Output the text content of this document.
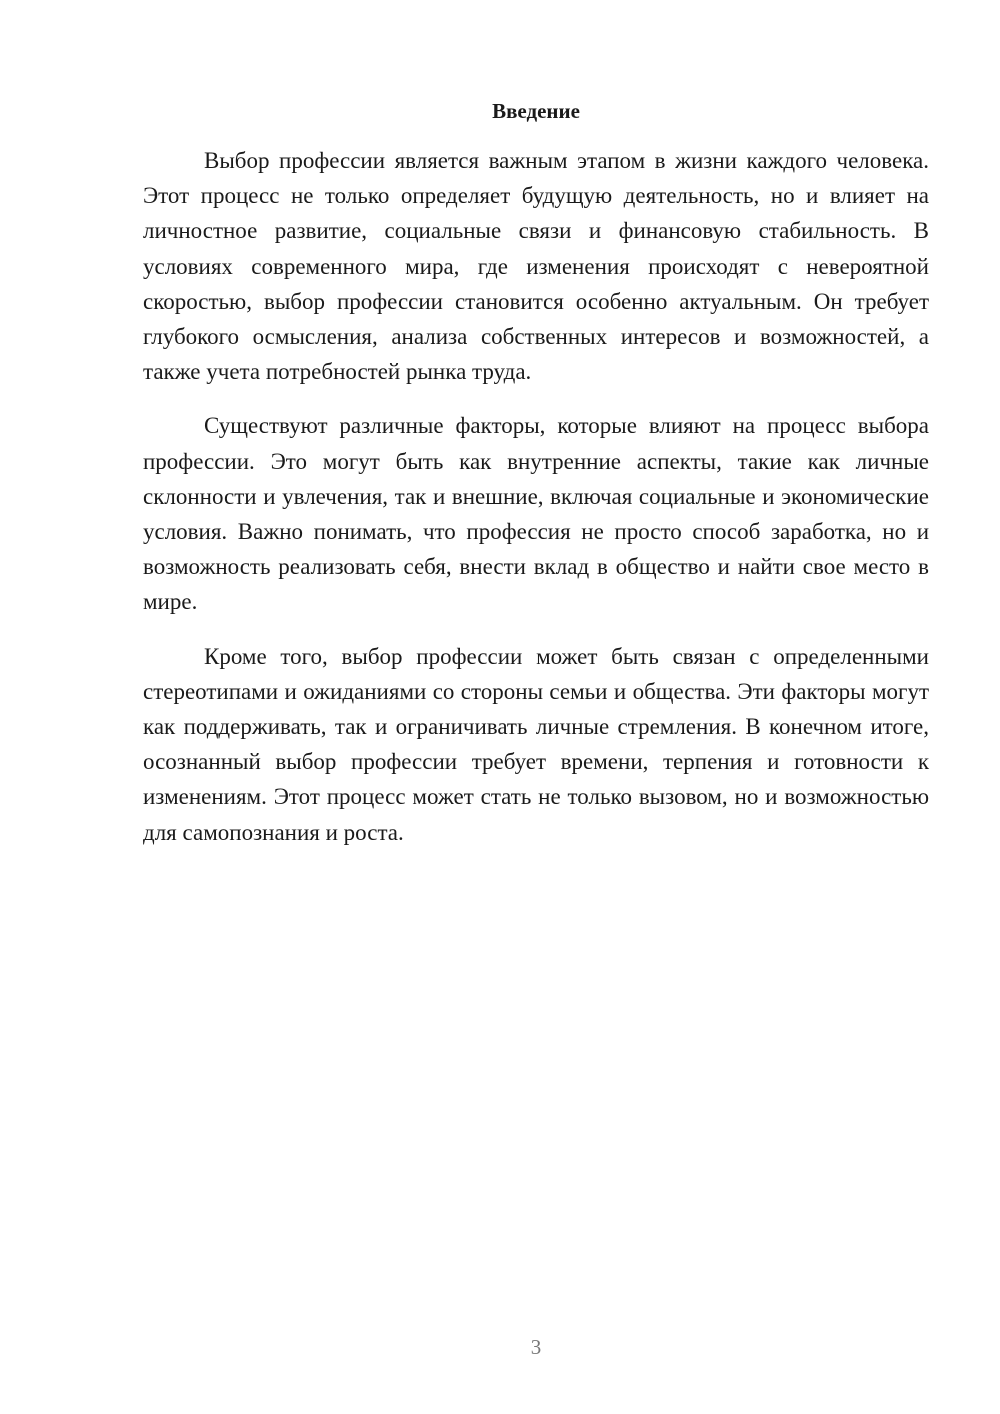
Введение

Выбор профессии является важным этапом в жизни каждого человека. Этот процесс не только определяет будущую деятельность, но и влияет на личностное развитие, социальные связи и финансовую стабильность. В условиях современного мира, где изменения происходят с невероятной скоростью, выбор профессии становится особенно актуальным. Он требует глубокого осмысления, анализа собственных интересов и возможностей, а также учета потребностей рынка труда.

Существуют различные факторы, которые влияют на процесс выбора профессии. Это могут быть как внутренние аспекты, такие как личные склонности и увлечения, так и внешние, включая социальные и экономические условия. Важно понимать, что профессия не просто способ заработка, но и возможность реализовать себя, внести вклад в общество и найти свое место в мире.

Кроме того, выбор профессии может быть связан с определенными стереотипами и ожиданиями со стороны семьи и общества. Эти факторы могут как поддерживать, так и ограничивать личные стремления. В конечном итоге, осознанный выбор профессии требует времени, терпения и готовности к изменениям. Этот процесс может стать не только вызовом, но и возможностью для самопознания и роста.

3
